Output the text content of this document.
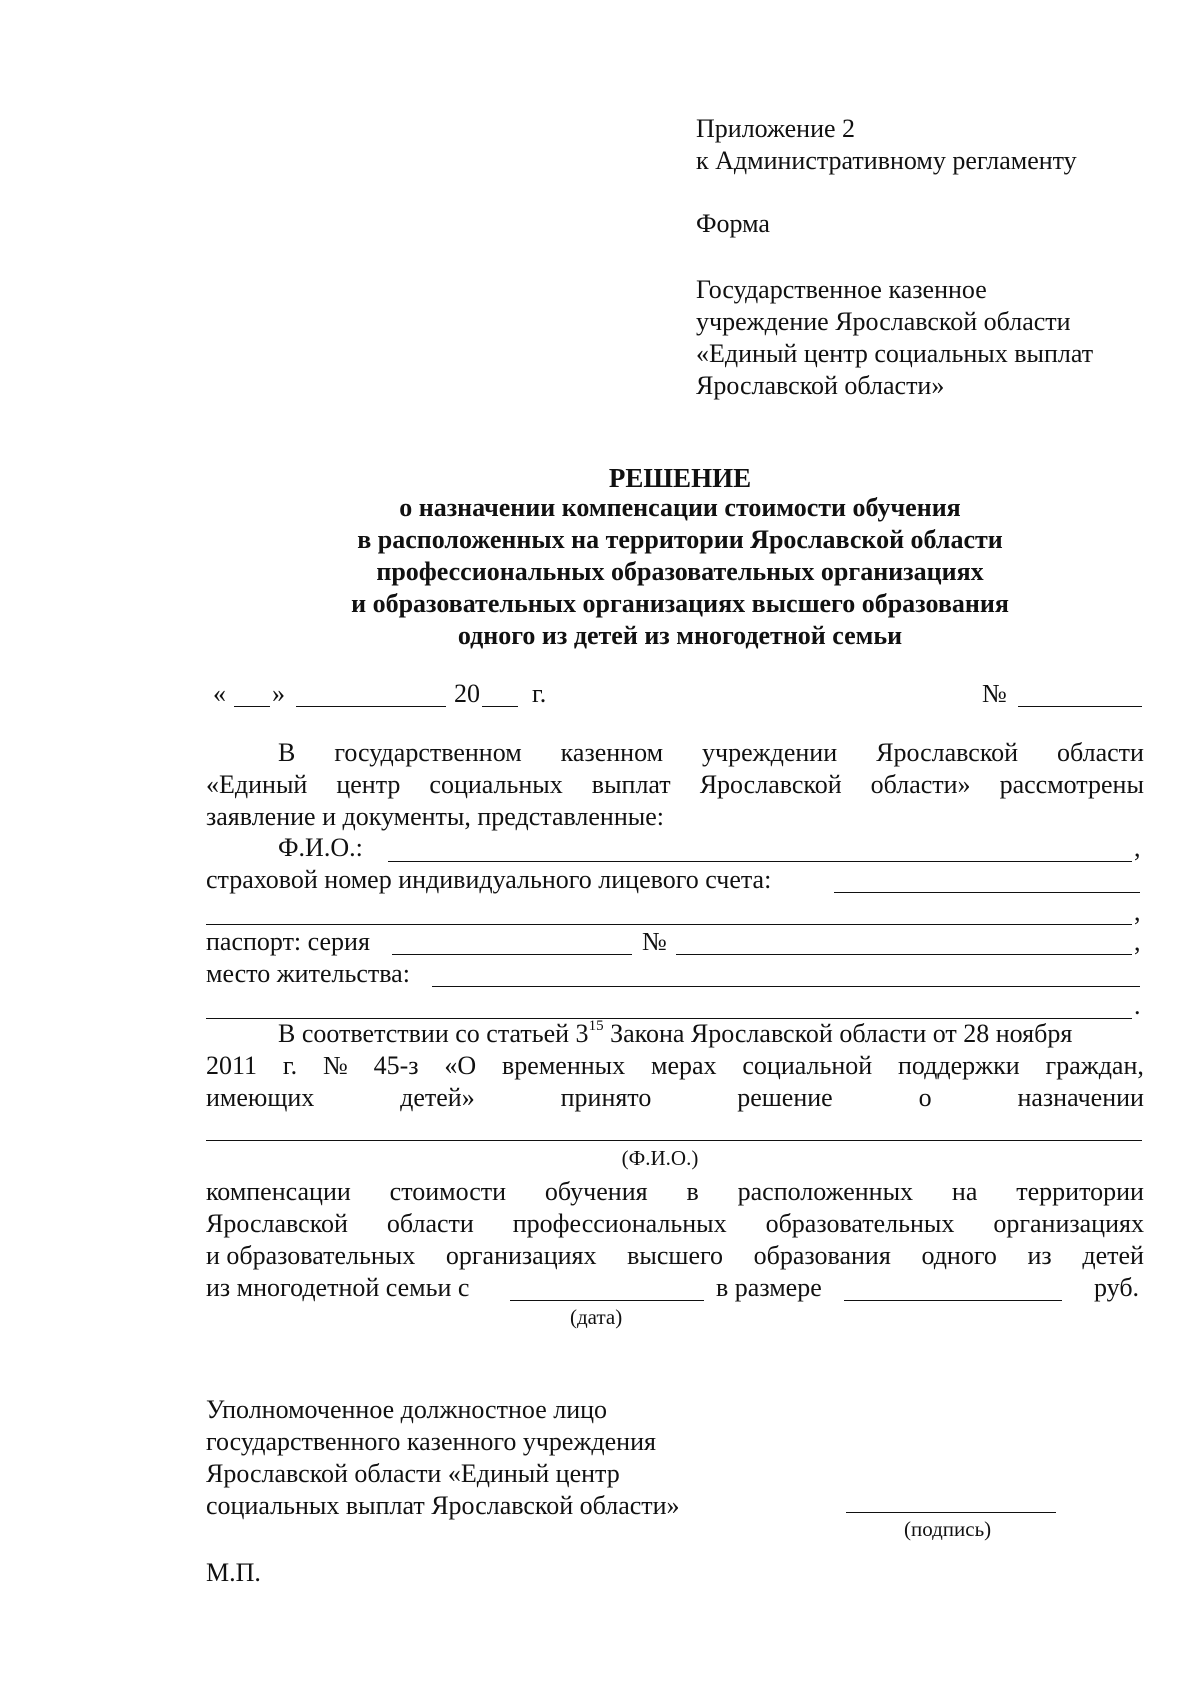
Приложение 2
к Административному регламенту
Форма
Государственное казенное
учреждение Ярославской области
«Единый центр социальных выплат
Ярославской области»
РЕШЕНИЕ
о назначении компенсации стоимости обучения
в расположенных на территории Ярославской области
профессиональных образовательных организациях
и образовательных организациях высшего образования
одного из детей из многодетной семьи
« »	20 г.	№
В государственном казенном учреждении Ярославской области
«Единый центр социальных выплат Ярославской области» рассмотрены
заявление и документы, представленные:
Ф.И.О.:	,
страховой номер индивидуального лицевого счета:
,
паспорт: серия	№	,
место жительства:
.
В соответствии со статьей $3^{15}$ Закона Ярославской области от 28 ноября
2011 г. № 45-з «О временных мерах социальной поддержки граждан,
имеющих	детей»	принято	решение	о	назначении
(Ф.И.О.)
компенсации стоимости обучения в расположенных на территории
Ярославской области профессиональных образовательных организациях
и образовательных организациях высшего образования одного из детей
из многодетной семьи с	в размере	руб.
(дата)
Уполномоченное должностное лицо
государственного казенного учреждения
Ярославской области «Единый центр
социальных выплат Ярославской области»
(подпись)
М.П.
